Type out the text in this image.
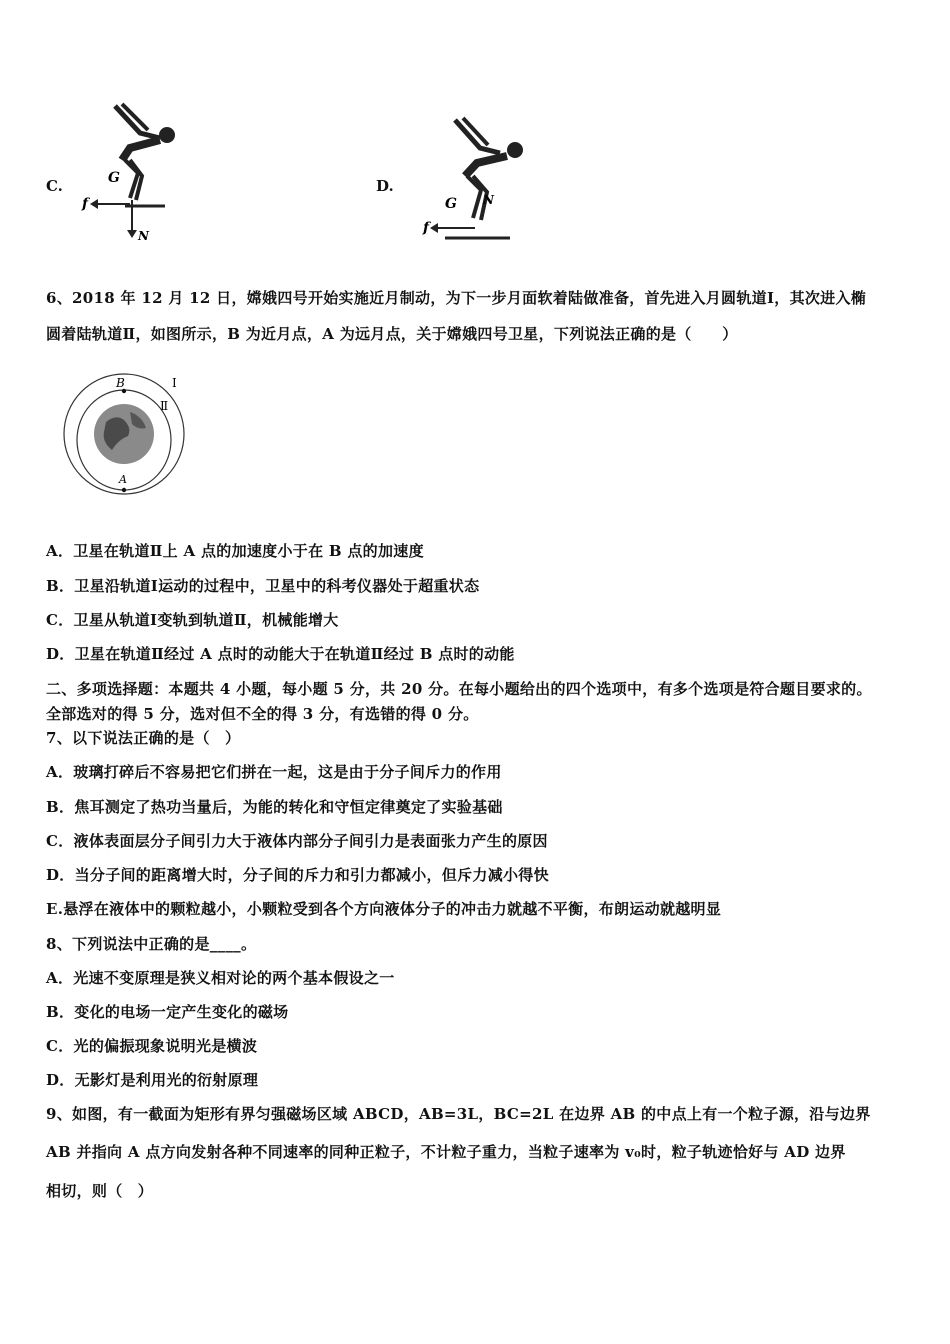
C.	G
f
N
D.
G
f
N
6、2018 年 12 月 12 日，嫦娥四号开始实施近月制动，为下一步月面软着陆做准备，首先进入月圆轨道Ⅰ，其次进入椭
圆着陆轨道Ⅱ，如图所示，B 为近月点，A 为远月点，关于嫦娥四号卫星，下列说法正确的是（　　）
B
A
Ⅰ
Ⅱ
A．卫星在轨道Ⅱ上 A 点的加速度小于在 B 点的加速度
B．卫星沿轨道Ⅰ运动的过程中，卫星中的科考仪器处于超重状态
C．卫星从轨道Ⅰ变轨到轨道Ⅱ，机械能增大
D．卫星在轨道Ⅱ经过 A 点时的动能大于在轨道Ⅱ经过 B 点时的动能
二、多项选择题：本题共 4 小题，每小题 5 分，共 20 分。在每小题给出的四个选项中，有多个选项是符合题目要求的。
全部选对的得 5 分，选对但不全的得 3 分，有选错的得 0 分。
7、以下说法正确的是（　）
A．玻璃打碎后不容易把它们拼在一起，这是由于分子间斥力的作用
B．焦耳测定了热功当量后，为能的转化和守恒定律奠定了实验基础
C．液体表面层分子间引力大于液体内部分子间引力是表面张力产生的原因
D．当分子间的距离增大时，分子间的斥力和引力都减小，但斥力减小得快
E.悬浮在液体中的颗粒越小，小颗粒受到各个方向液体分子的冲击力就越不平衡，布朗运动就越明显
8、下列说法中正确的是____。
A．光速不变原理是狭义相对论的两个基本假设之一
B．变化的电场一定产生变化的磁场
C．光的偏振现象说明光是横波
D．无影灯是利用光的衍射原理
9、如图，有一截面为矩形有界匀强磁场区域 ABCD，AB=3L，BC=2L 在边界 AB 的中点上有一个粒子源，沿与边界
AB 并指向 A 点方向发射各种不同速率的同种正粒子，不计粒子重力，当粒子速率为 v₀时，粒子轨迹恰好与 AD 边界
相切，则（　）
